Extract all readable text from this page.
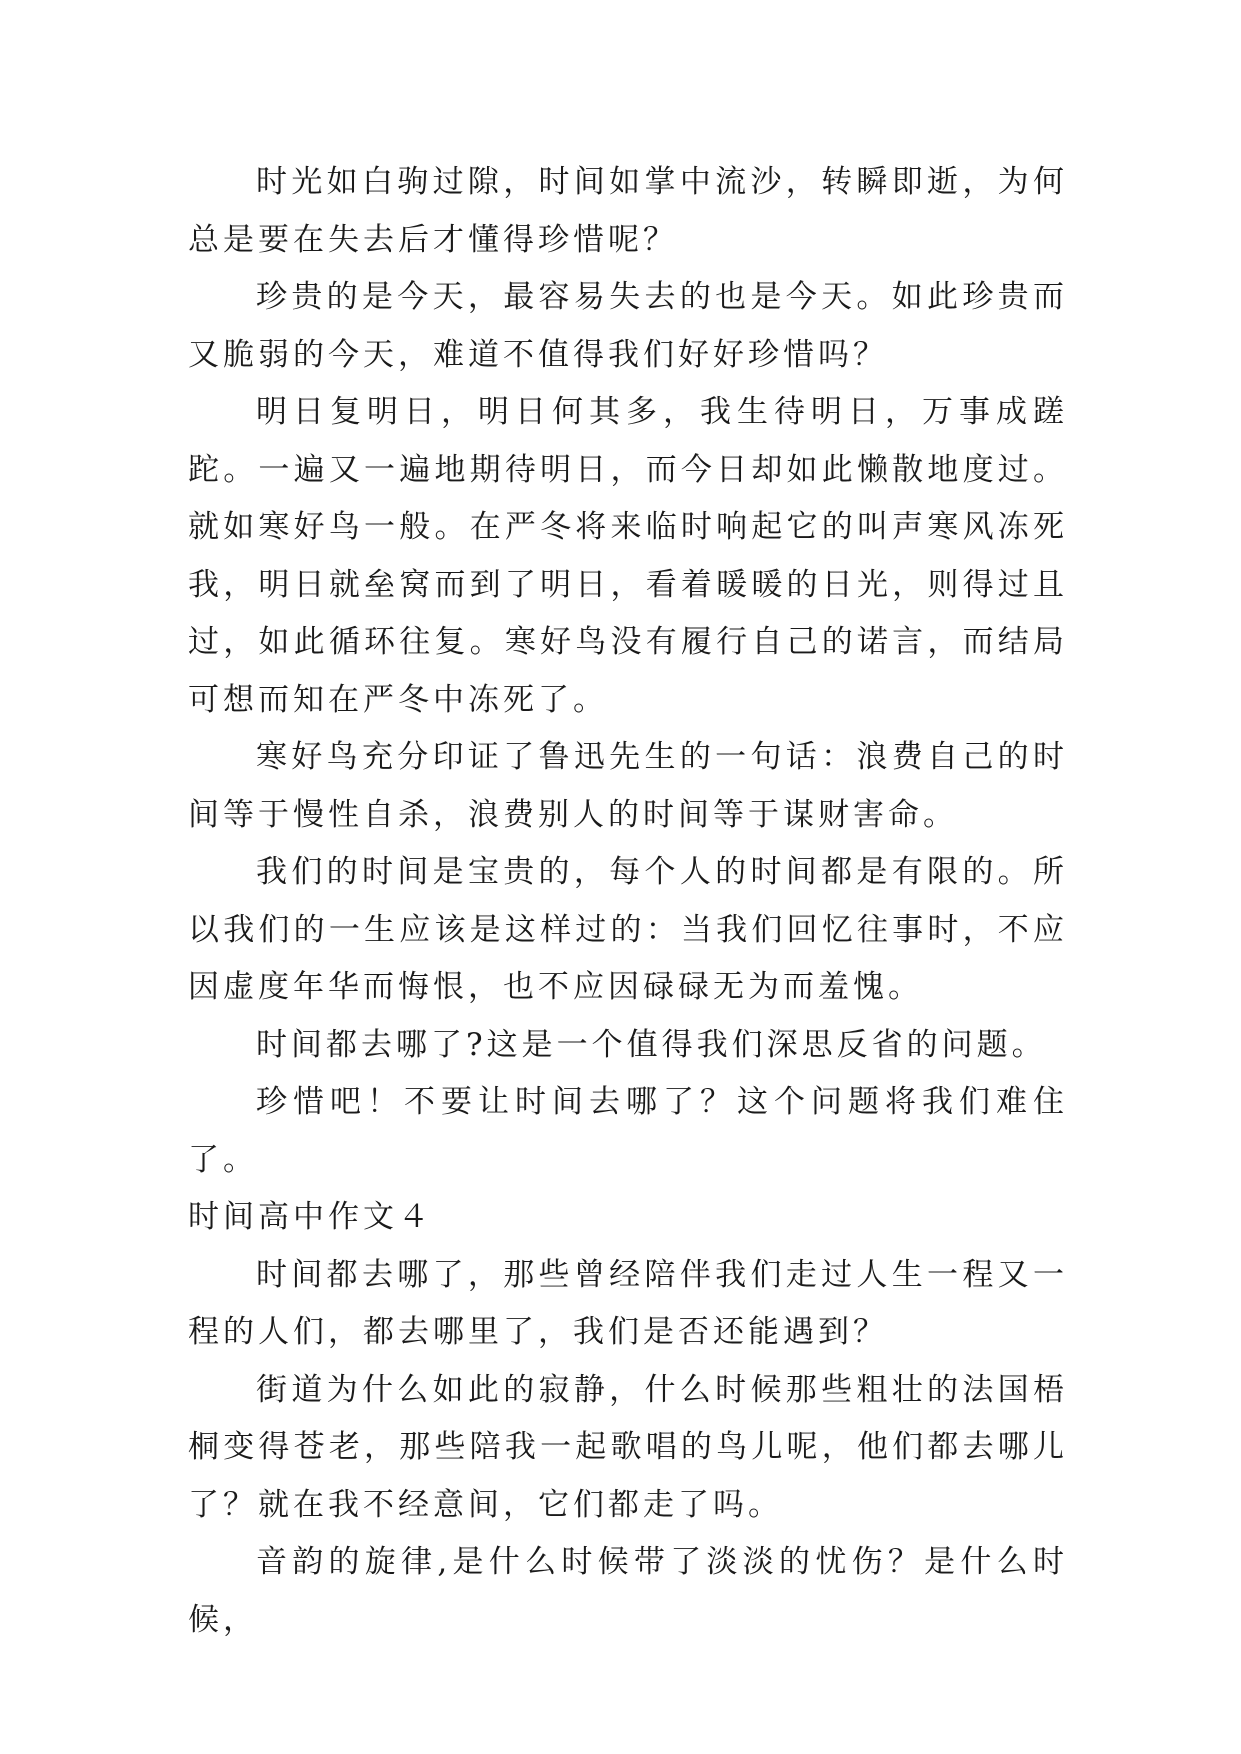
时光如白驹过隙，时间如掌中流沙，转瞬即逝，为何总是要在失去后才懂得珍惜呢？

珍贵的是今天，最容易失去的也是今天。如此珍贵而又脆弱的今天，难道不值得我们好好珍惜吗？

明日复明日，明日何其多，我生待明日，万事成蹉跎。一遍又一遍地期待明日，而今日却如此懒散地度过。就如寒好鸟一般。在严冬将来临时响起它的叫声寒风冻死我，明日就垒窝而到了明日，看着暖暖的日光，则得过且过，如此循环往复。寒好鸟没有履行自己的诺言，而结局可想而知在严冬中冻死了。

寒好鸟充分印证了鲁迅先生的一句话：浪费自己的时间等于慢性自杀，浪费别人的时间等于谋财害命。

我们的时间是宝贵的，每个人的时间都是有限的。所以我们的一生应该是这样过的：当我们回忆往事时，不应因虚度年华而悔恨，也不应因碌碌无为而羞愧。

时间都去哪了?这是一个值得我们深思反省的问题。

珍惜吧！不要让时间去哪了？这个问题将我们难住了。

时间高中作文４

时间都去哪了，那些曾经陪伴我们走过人生一程又一程的人们，都去哪里了，我们是否还能遇到？

街道为什么如此的寂静，什么时候那些粗壮的法国梧桐变得苍老，那些陪我一起歌唱的鸟儿呢，他们都去哪儿了？就在我不经意间，它们都走了吗。

音韵的旋律,是什么时候带了淡淡的忧伤？是什么时候，
